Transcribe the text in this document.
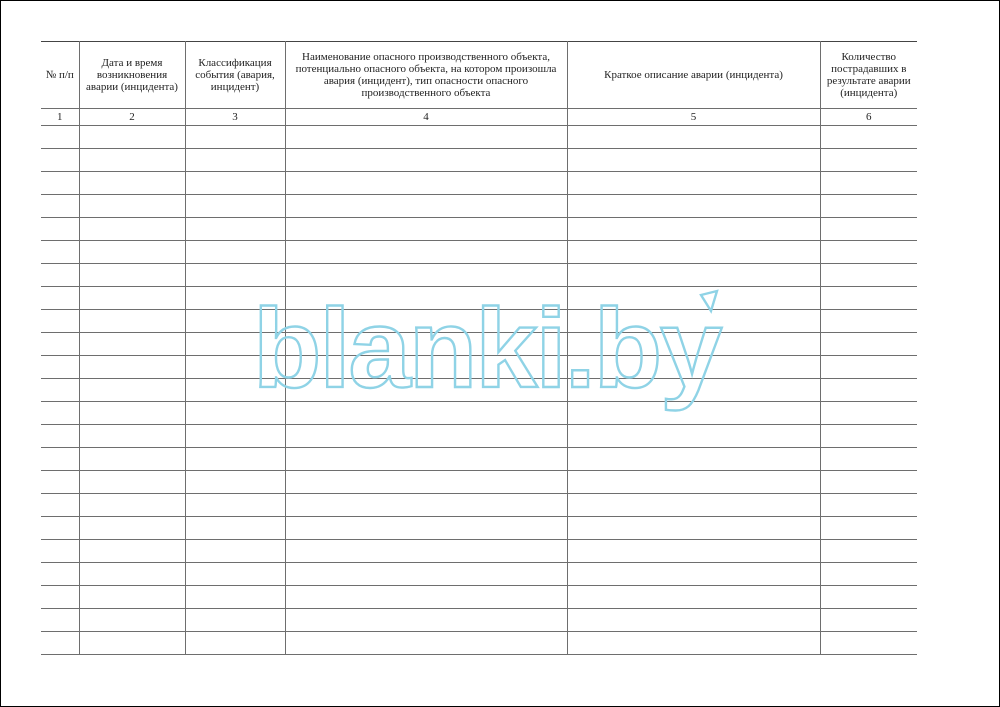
№ п/п	Дата и время возникновения аварии (инцидента)	Классификация события (авария, инцидент)	Наименование опасного производственного объекта, потенциально опасного объекта, на котором произошла авария (инцидент), тип опасности опасного производственного объекта	Краткое описание аварии (инцидента)	Количество пострадавших в результате аварии (инцидента)
1	2	3	4	5	6

blanki.by
